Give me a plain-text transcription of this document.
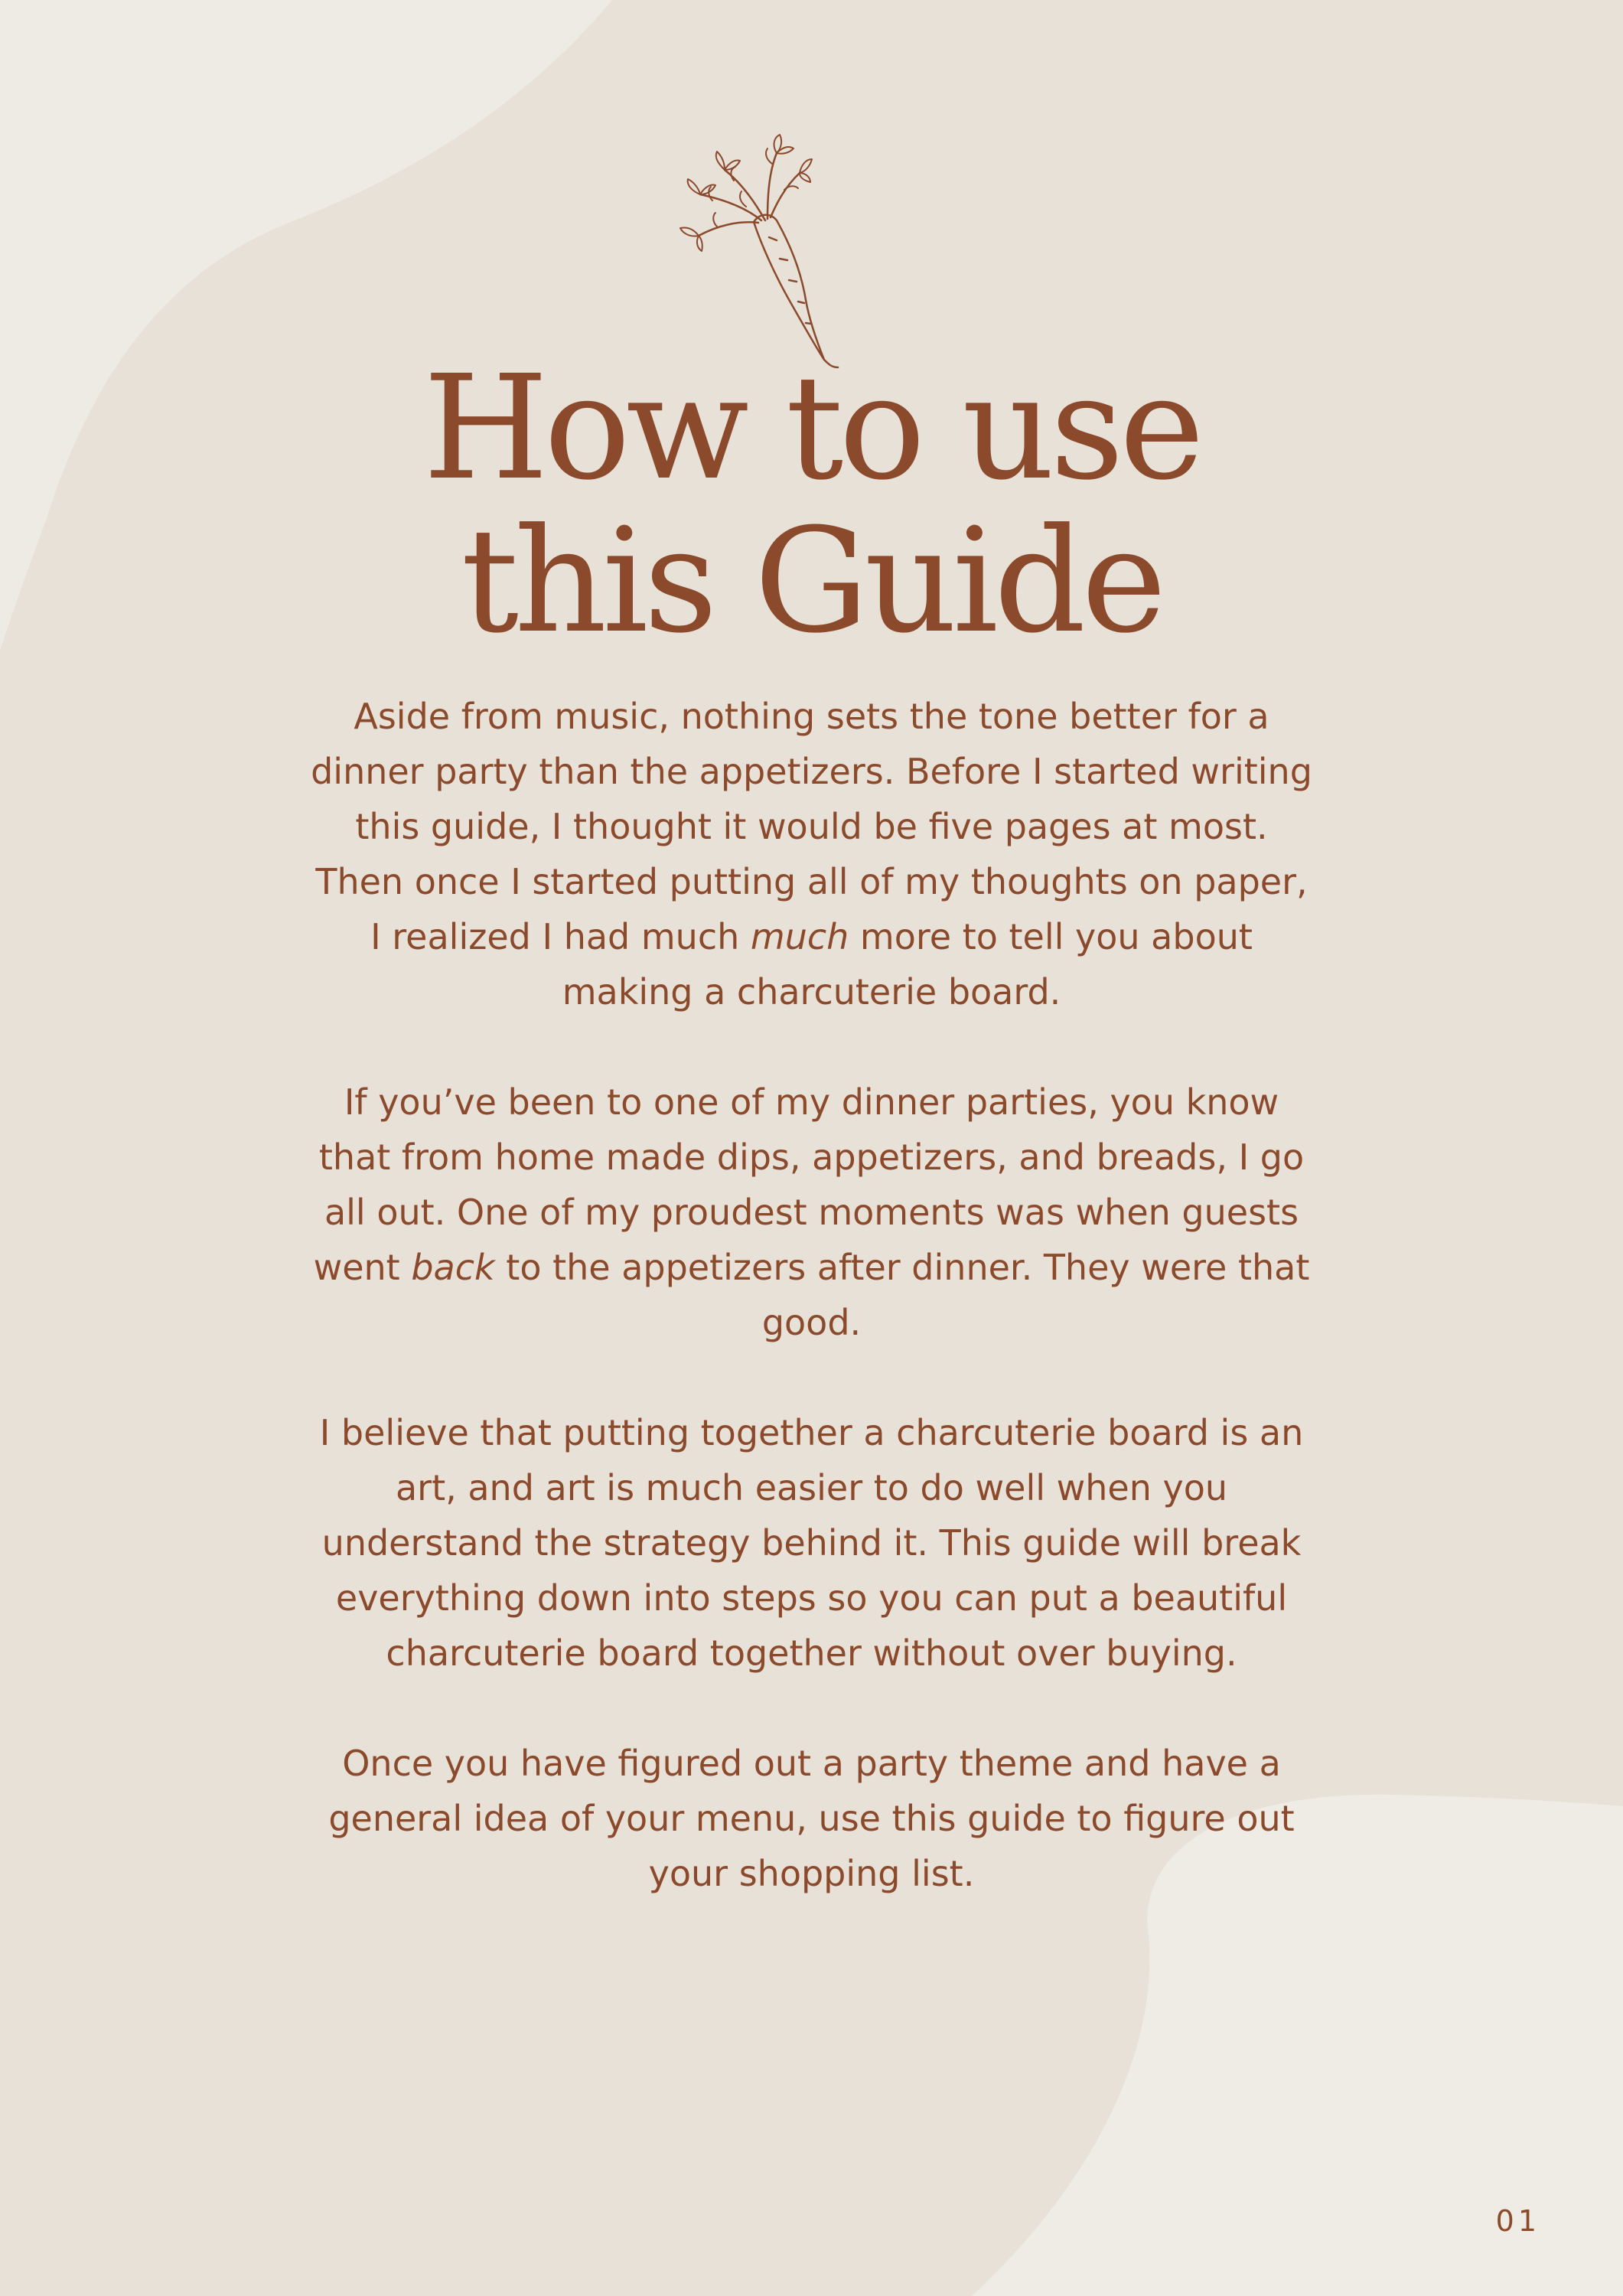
How to use
this Guide

Aside from music, nothing sets the tone better for a dinner party than the appetizers. Before I started writing this guide, I thought it would be five pages at most. Then once I started putting all of my thoughts on paper, I realized I had much much more to tell you about making a charcuterie board.

If you’ve been to one of my dinner parties, you know that from home made dips, appetizers, and breads, I go all out. One of my proudest moments was when guests went back to the appetizers after dinner. They were that good.

I believe that putting together a charcuterie board is an art, and art is much easier to do well when you understand the strategy behind it. This guide will break everything down into steps so you can put a beautiful charcuterie board together without over buying.

Once you have figured out a party theme and have a general idea of your menu, use this guide to figure out your shopping list.

01
